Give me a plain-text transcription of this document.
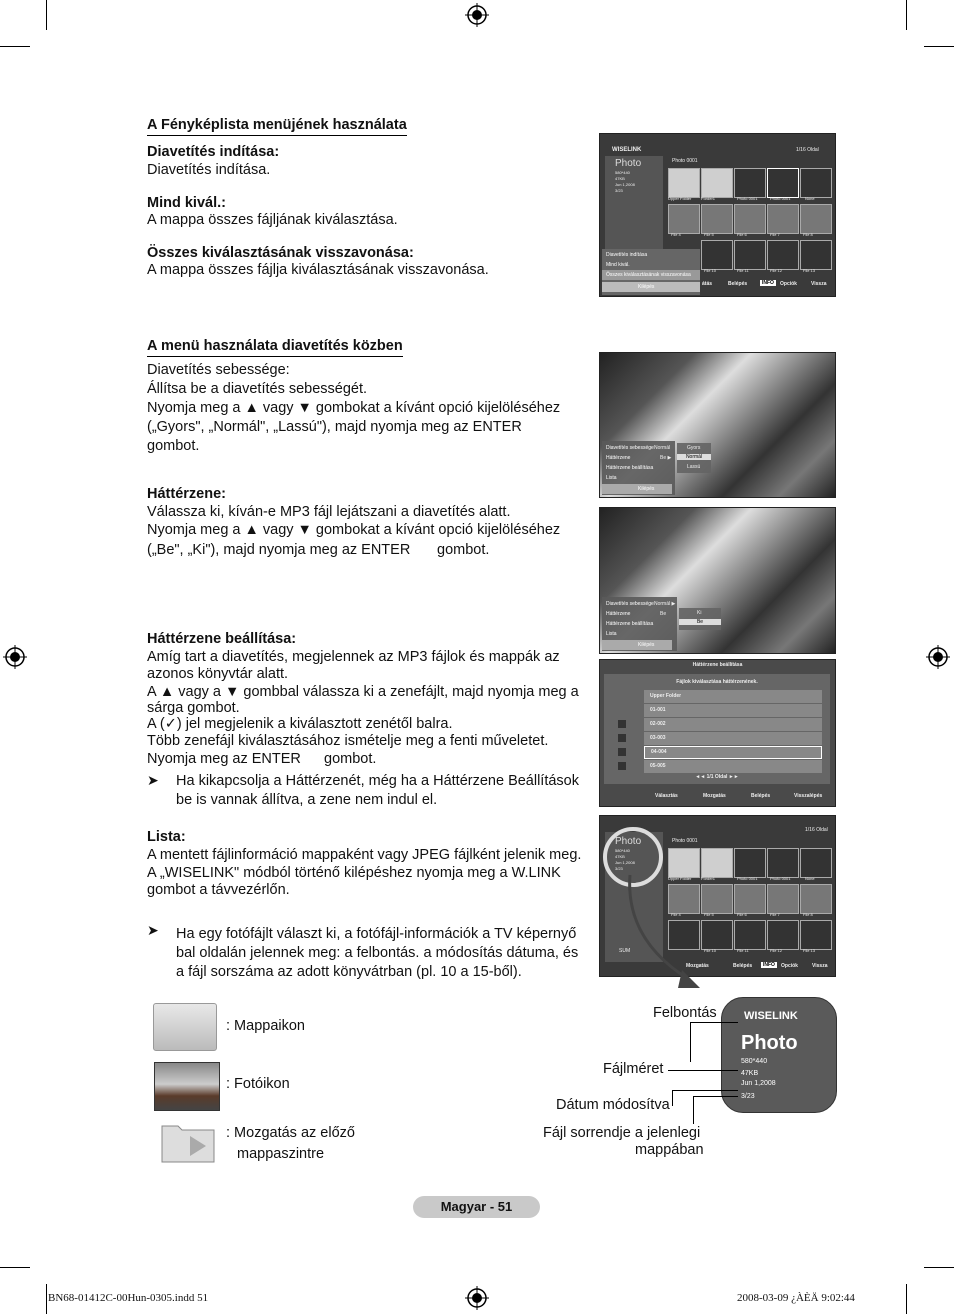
A Fényképlista menüjének használata
Diavetítés indítása:
Diavetítés indítása.
Mind kivál.:
A mappa összes fájljának kiválasztása.
Összes kiválasztásának visszavonása:
A mappa összes fájlja kiválasztásának visszavonása.
A menü használata diavetítés közben
Diavetítés sebessége:
Állítsa be a diavetítés sebességét.
Nyomja meg a ▲ vagy ▼ gombokat a kívánt opció kijelöléséhez
(„Gyors", „Normál", „Lassú"), majd nyomja meg az ENTER
gombot.
Háttérzene:
Válassza ki, kíván-e MP3 fájl lejátszani a diavetítés alatt.
Nyomja meg a ▲ vagy ▼ gombokat a kívánt opció kijelöléséhez
(„Be", „Ki"), majd nyomja meg az ENTER gombot.
Háttérzene beállítása:
Amíg tart a diavetítés, megjelennek az MP3 fájlok és mappák az
azonos könyvtár alatt.
A ▲ vagy a ▼ gombbal válassza ki a zenefájlt, majd nyomja meg a
sárga gombot.
A (✓) jel megjelenik a kiválasztott zenétől balra.
Több zenefájl kiválasztásához ismételje meg a fenti műveletet.
Nyomja meg az ENTER gombot.
➤ Ha kikapcsolja a Háttérzenét, még ha a Háttérzene Beállítások
be is vannak állítva, a zene nem indul el.
Lista:
A mentett fájlinformáció mappaként vagy JPEG fájlként jelenik meg.
A „WISELINK" módból történő kilépéshez nyomja meg a W.LINK
gombot a távvezérlőn.
➤ Ha egy fotófájlt választ ki, a fotófájl-információk a TV képernyő
bal oldalán jelennek meg: a felbontás. a módosítás dátuma, és
a fájl sorszáma az adott könyvátrban (pl. 10 a 15-ből).
: Mappaikon
: Fotóikon
: Mozgatás az előző
mappaszintre
WISELINK	1/16 Oldal
Photo
580*440
47KB
Jun 1,2008
3/23
Photo 0001
Upper Folder Forder1	Photo 0001	Photo 0001	None
File 4	File 5	File 6	File 7	File 8
File 10	File 11	File 12	File 13
Diavetítés indítása
Mind kivál.
Összes kiválasztásának visszavonása
Kilépés	átás	Belépés	INFO	Opciók	Vissza
Diavetítés sebessége Normál
Háttérzene	Be ▶
Háttérzene beállítása
Lista
Kilépés
Gyors
Normál
Lassú
Diavetítés sebessége Normál ▶
Háttérzene	Be
Háttérzene beállítása
Lista
Kilépés
Ki
Be
Háttérzene beállítása
Fájlok kiválasztása háttérzenének.
Upper Folder
01-001
02-002
03-003
04-004
05-005
◄◄ 1/1 Oldal ►►
Választás	Mozgatás	Belépés	Visszalépés
1/16 Oldal
Photo
580*440
47KB
Jun 1,2008
3/23
SUM
Photo 0001
Upper Folder Forder1	Photo 0001	Photo 0001	None
File 4	File 5	File 6	File 7	File 8
File 10	File 11	File 12	File 13
Mozgatás	Belépés	INFO	Opciók	Vissza
WISELINK
Photo
580*440
47KB
Jun 1,2008
3/23
Felbontás
Fájlméret
Dátum módosítva
Fájl sorrendje a jelenlegi
mappában
Magyar - 51
BN68-01412C-00Hun-0305.indd 51	2008-03-09 ¿ÀÈÄ 9:02:44
